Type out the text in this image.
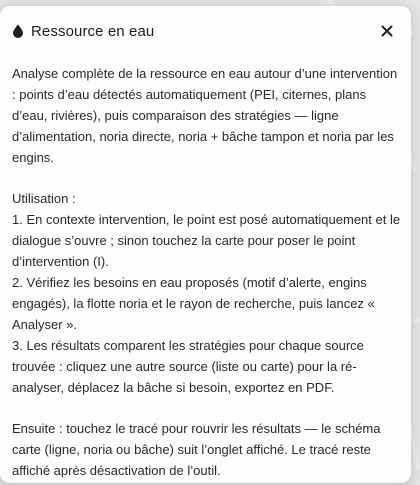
Ressource en eau

Analyse complète de la ressource en eau autour d’une intervention : points d’eau détectés automatiquement (PEI, citernes, plans d’eau, rivières), puis comparaison des stratégies — ligne d’alimentation, noria directe, noria + bâche tampon et noria par les engins.

Utilisation :

1. En contexte intervention, le point est posé automatiquement et le dialogue s’ouvre ; sinon touchez la carte pour poser le point d’intervention (I).

2. Vérifiez les besoins en eau proposés (motif d’alerte, engins engagés), la flotte noria et le rayon de recherche, puis lancez « Analyser ».

3. Les résultats comparent les stratégies pour chaque source trouvée : cliquez une autre source (liste ou carte) pour la ré-analyser, déplacez la bâche si besoin, exportez en PDF.

Ensuite : touchez le tracé pour rouvrir les résultats — le schéma carte (ligne, noria ou bâche) suit l’onglet affiché. Le tracé reste affiché après désactivation de l’outil.
